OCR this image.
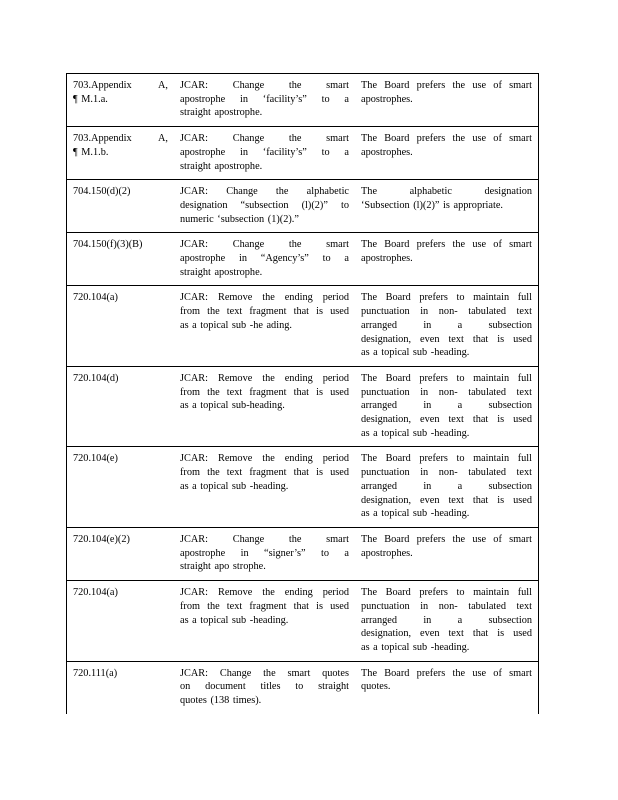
703.Appendix A,
¶ M.1.a.	JCAR: Change the smart
apostrophe in ‘facility’s” to a
straight apostrophe.	The Board prefers the use of smart
apostrophes.

703.Appendix A,
¶ M.1.b.	JCAR: Change the smart
apostrophe in ‘facility’s” to a
straight apostrophe.	The Board prefers the use of smart
apostrophes.

704.150(d)(2)	JCAR: Change the alphabetic
designation “subsection (l)(2)” to
numeric ‘subsection (1)(2).”	The alphabetic designation
‘Subsection (l)(2)” is appropriate.

704.150(f)(3)(B)	JCAR: Change the smart
apostrophe in “Agency’s” to a
straight apostrophe.	The Board prefers the use of smart
apostrophes.

720.104(a)	JCAR: Remove the ending period
from the text fragment that is used
as a topical sub -he ading.	The Board prefers to maintain full
punctuation in non- tabulated text
arranged in a subsection
designation, even text that is used
as a topical sub -heading.

720.104(d)	JCAR: Remove the ending period
from the text fragment that is used
as a topical sub-heading.	The Board prefers to maintain full
punctuation in non- tabulated text
arranged in a subsection
designation, even text that is used
as a topical sub -heading.

720.104(e)	JCAR: Remove the ending period
from the text fragment that is used
as a topical sub -heading.	The Board prefers to maintain full
punctuation in non- tabulated text
arranged in a subsection
designation, even text that is used
as a topical sub -heading.

720.104(e)(2)	JCAR: Change the smart
apostrophe in “signer’s” to a
straight apo strophe.	The Board prefers the use of smart
apostrophes.

720.104(a)	JCAR: Remove the ending period
from the text fragment that is used
as a topical sub -heading.	The Board prefers to maintain full
punctuation in non- tabulated text
arranged in a subsection
designation, even text that is used
as a topical sub -heading.

720.111(a)	JCAR: Change the smart quotes
on document titles to straight
quotes (138 times).	The Board prefers the use of smart
quotes.
